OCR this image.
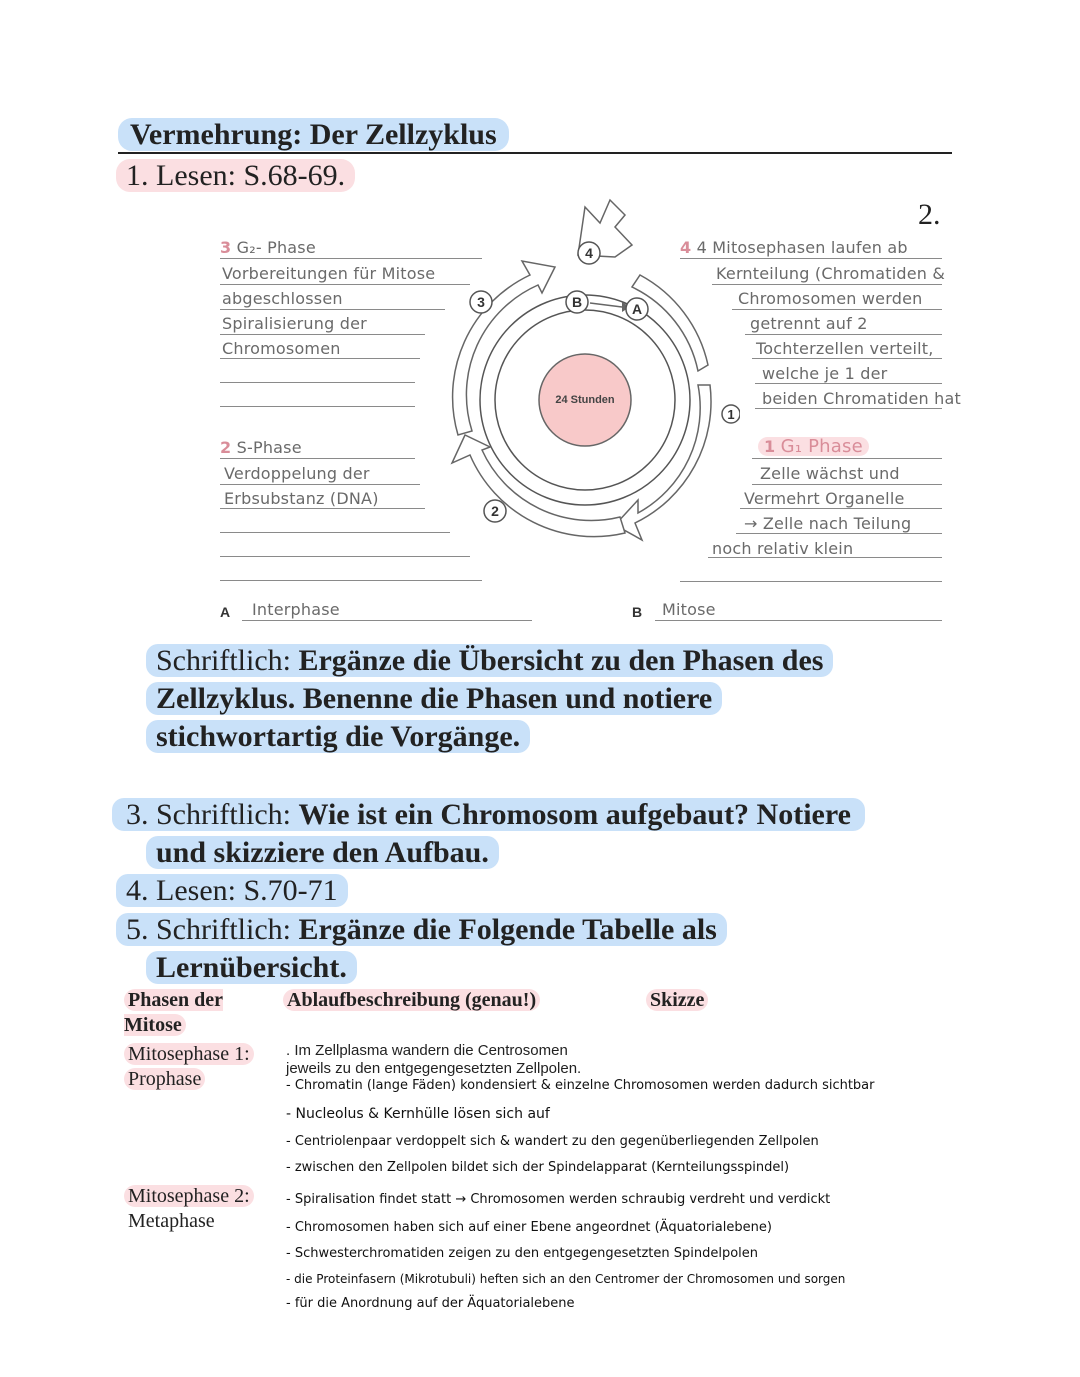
Vermehrung: Der Zellzyklus
1. Lesen: S.68-69.
2.
B	A
4
3
2
1
24 Stunden
3 G₂- Phase
Vorbereitungen für Mitose
abgeschlossen
Spiralisierung der
Chromosomen
2 S-Phase
Verdoppelung der
Erbsubstanz (DNA)
4 4 Mitosephasen laufen ab
Kernteilung (Chromatiden &
Chromosomen werden
getrennt auf 2
Tochterzellen verteilt,
welche je 1 der
beiden Chromatiden hat
1 G₁ Phase
Zelle wächst und
Vermehrt Organelle
→ Zelle nach Teilung
noch relativ klein
A Interphase	B Mitose
Schriftlich: Ergänze die Übersicht zu den Phasen des
Zellzyklus. Benenne die Phasen und notiere
stichwortartig die Vorgänge.
3. Schriftlich: Wie ist ein Chromosom aufgebaut? Notiere
und skizziere den Aufbau.
4. Lesen: S.70-71
5. Schriftlich: Ergänze die Folgende Tabelle als
Lernübersicht.
Phasen der Mitose
Ablaufbeschreibung (genau!)	Skizze
Mitosephase 1:
Prophase
. Im Zellplasma wandern die Centrosomen
jeweils zu den entgegengesetzten Zellpolen.
- Chromatin (lange Fäden) kondensiert & einzelne Chromosomen werden dadurch sichtbar
- Nucleolus & Kernhülle lösen sich auf
- Centriolenpaar verdoppelt sich & wandert zu den gegenüberliegenden Zellpolen
- zwischen den Zellpolen bildet sich der Spindelapparat (Kernteilungsspindel)
Mitosephase 2:
Metaphase
- Spiralisation findet statt → Chromosomen werden schraubig verdreht und verdickt
- Chromosomen haben sich auf einer Ebene angeordnet (Äquatorialebene)
- Schwesterchromatiden zeigen zu den entgegengesetzten Spindelpolen
- die Proteinfasern (Mikrotubuli) heften sich an den Centromer der Chromosomen und sorgen
- für die Anordnung auf der Äquatorialebene
